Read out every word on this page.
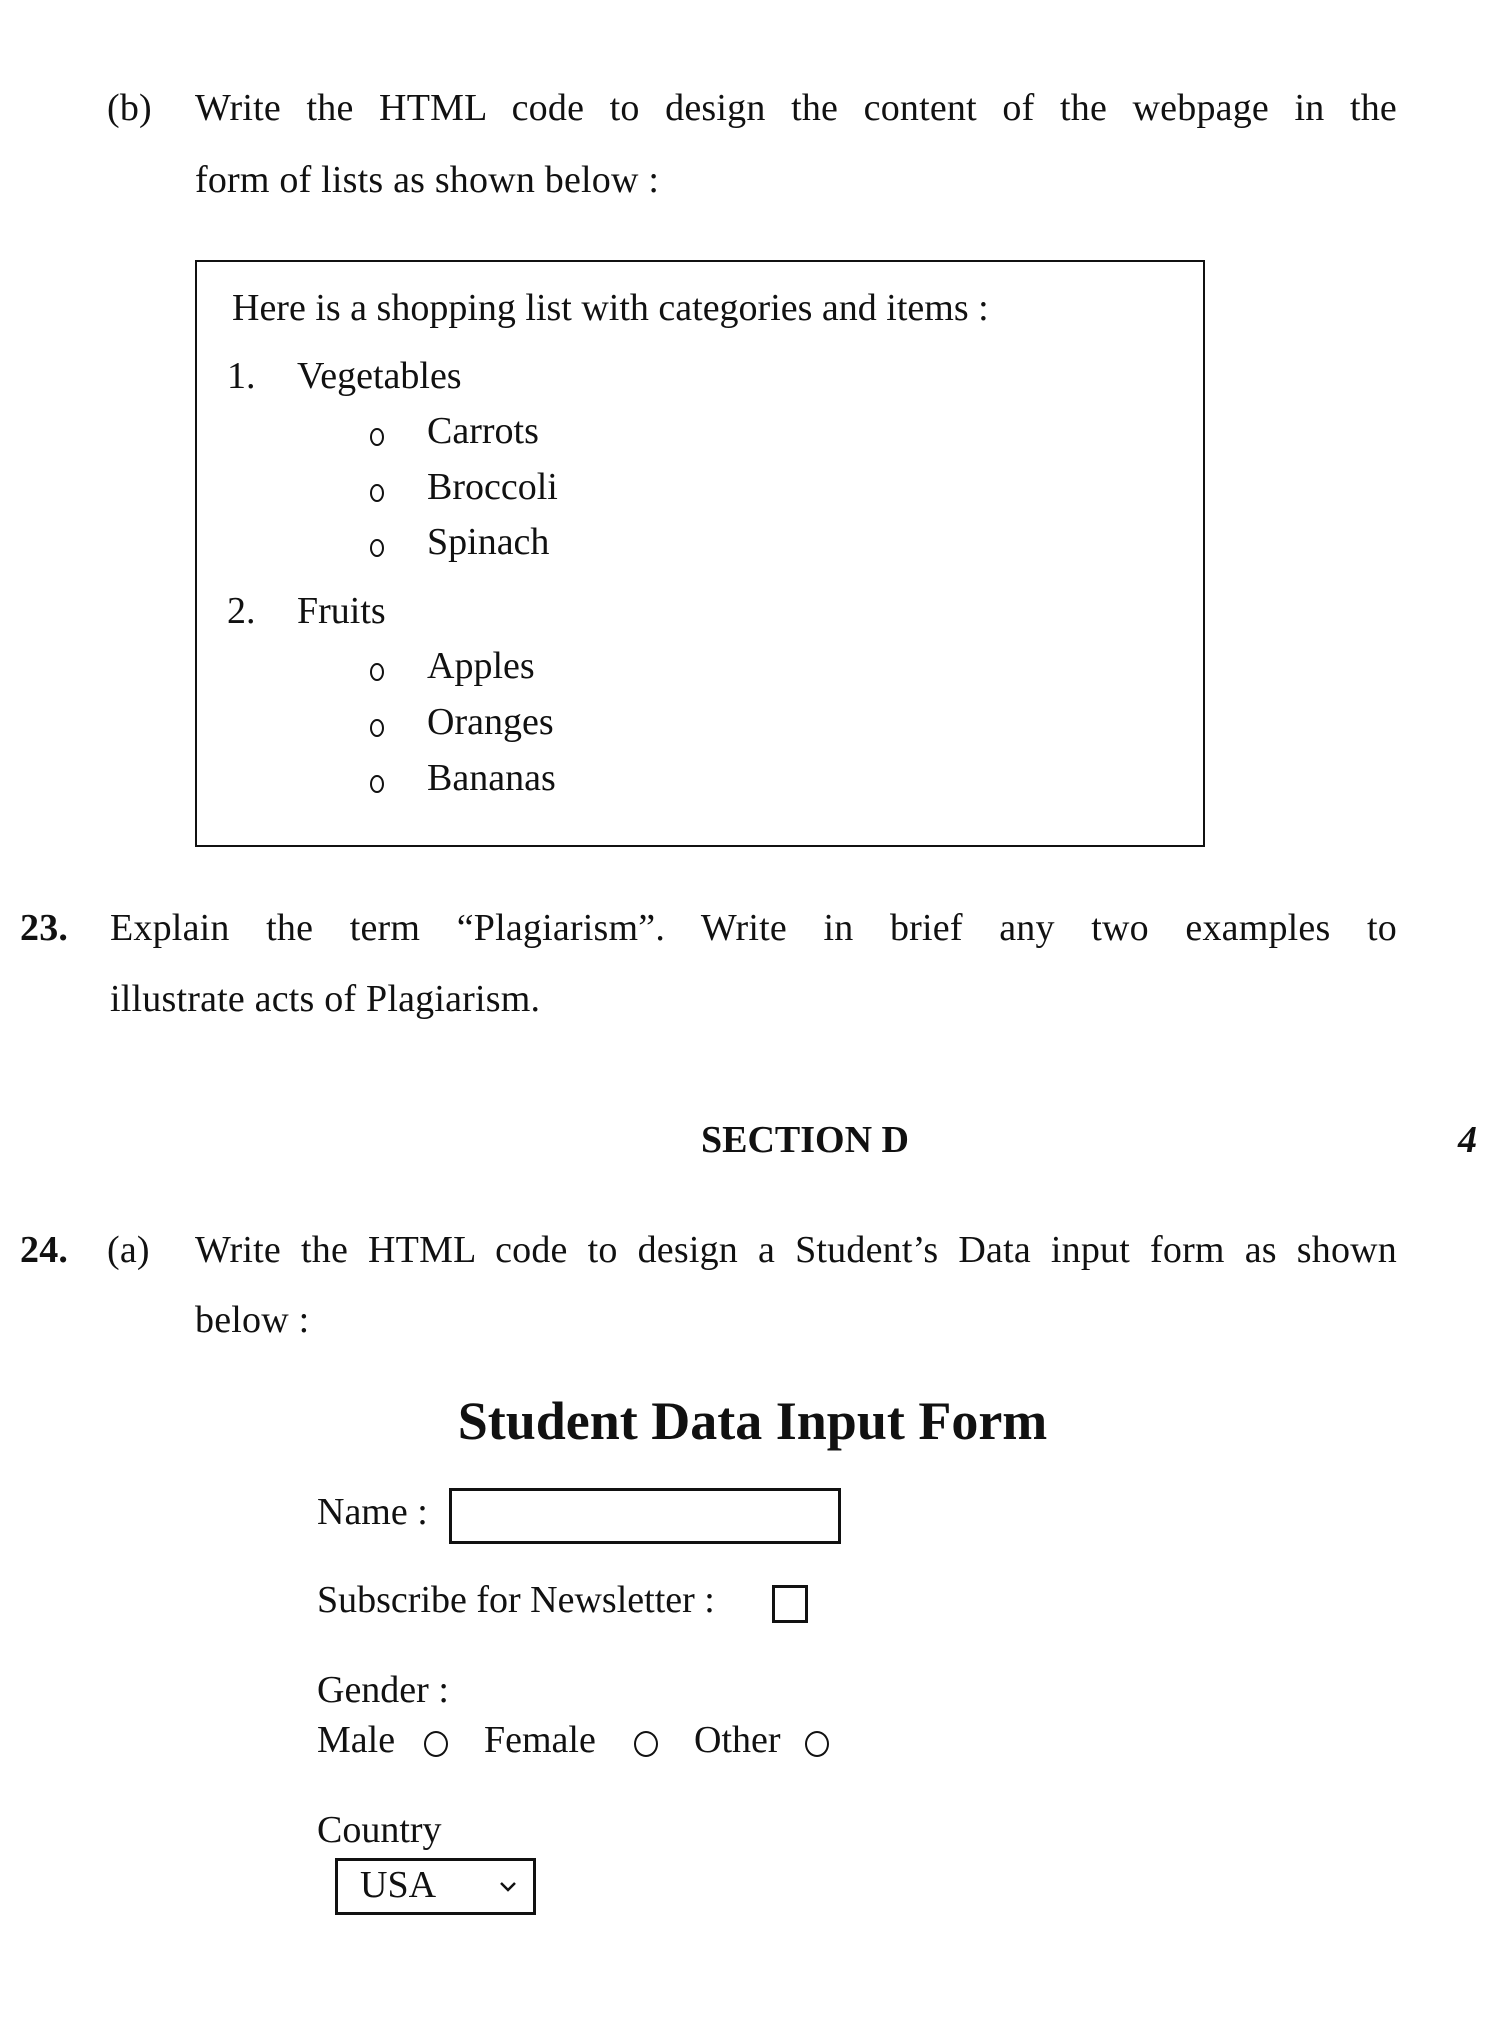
(b) Write the HTML code to design the content of the webpage in the
form of lists as shown below :
Here is a shopping list with categories and items :
1. Vegetables
Carrots
Broccoli
Spinach
2. Fruits
Apples
Oranges
Bananas
23. Explain the term “Plagiarism”. Write in brief any two examples to
illustrate acts of Plagiarism.
SECTION D	4
24. (a) Write the HTML code to design a Student’s Data input form as shown
below :
Student Data Input Form
Name :
Subscribe for Newsletter :
Gender :
Male Female	Other
Country
USA
